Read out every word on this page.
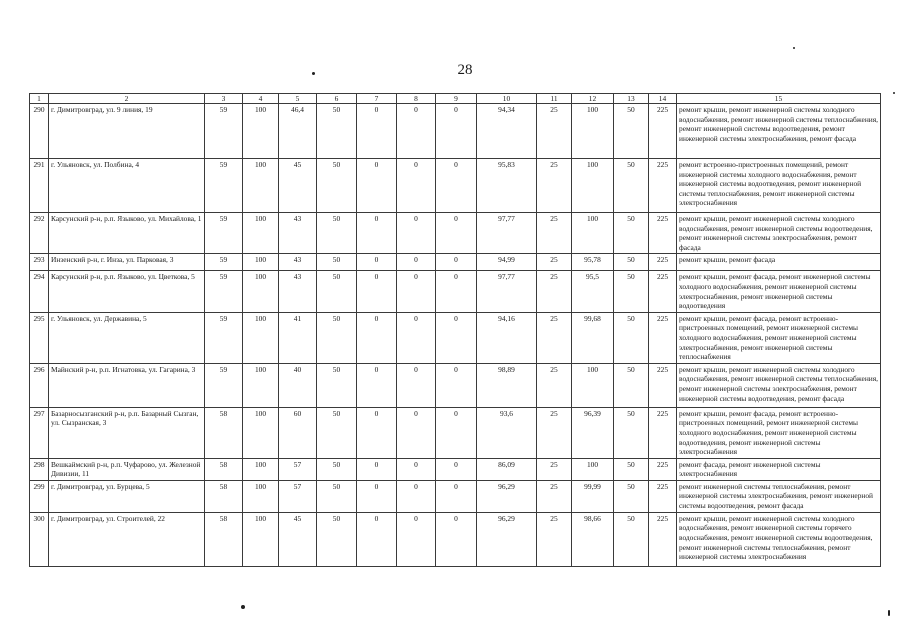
28
1	2	3	4	5	6	7	8	9	10	11	12	13	14	15
290	г. Димитровград, ул. 9 линия, 19	59	100	46,4	50	0	0	0	94,34	25	100	50	225	ремонт крыши, ремонт инженерной системы холодного водоснабжения, ремонт инженерной системы теплоснабжения, ремонт инженерной системы водоотведения, ремонт инженерной системы электроснабжения, ремонт фасада
291	г. Ульяновск, ул. Полбина, 4	59	100	45	50	0	0	0	95,83	25	100	50	225	ремонт встроенно-пристроенных помещений, ремонт инженерной системы холодного водоснабжения, ремонт инженерной системы водоотведения, ремонт инженерной системы теплоснабжения, ремонт инженерной системы электроснабжения
292	Карсунский р-н, р.п. Языково, ул. Михайлова, 1	59	100	43	50	0	0	0	97,77	25	100	50	225	ремонт крыши, ремонт инженерной системы холодного водоснабжения, ремонт инженерной системы водоотведения, ремонт инженерной системы электроснабжения, ремонт фасада
293	Инзенский р-н, г. Инза, ул. Парковая, 3	59	100	43	50	0	0	0	94,99	25	95,78	50	225	ремонт крыши, ремонт фасада
294	Карсунский р-н, р.п. Языково, ул. Цветкова, 5	59	100	43	50	0	0	0	97,77	25	95,5	50	225	ремонт крыши, ремонт фасада, ремонт инженерной системы холодного водоснабжения, ремонт инженерной системы электроснабжения, ремонт инженерной системы водоотведения
295	г. Ульяновск, ул. Державина, 5	59	100	41	50	0	0	0	94,16	25	99,68	50	225	ремонт крыши, ремонт фасада, ремонт встроенно-пристроенных помещений, ремонт инженерной системы холодного водоснабжения, ремонт инженерной системы электроснабжения, ремонт инженерной системы теплоснабжения
296	Майнский р-н, р.п. Игнатовка, ул. Гагарина, 3	59	100	40	50	0	0	0	98,89	25	100	50	225	ремонт крыши, ремонт инженерной системы холодного водоснабжения, ремонт инженерной системы теплоснабжения, ремонт инженерной системы электроснабжения, ремонт инженерной системы водоотведения, ремонт фасада
297	Базарносызганский р-н, р.п. Базарный Сызган, ул. Сызранская, 3	58	100	60	50	0	0	0	93,6	25	96,39	50	225	ремонт крыши, ремонт фасада, ремонт встроенно-пристроенных помещений, ремонт инженерной системы холодного водоснабжения, ремонт инженерной системы водоотведения, ремонт инженерной системы электроснабжения
298	Вешкаймский р-н, р.п. Чуфарово, ул. Железной Дивизии, 11	58	100	57	50	0	0	0	86,09	25	100	50	225	ремонт фасада, ремонт инженерной системы электроснабжения
299	г. Димитровград, ул. Бурцева, 5	58	100	57	50	0	0	0	96,29	25	99,99	50	225	ремонт инженерной системы теплоснабжения, ремонт инженерной системы электроснабжения, ремонт инженерной системы водоотведения, ремонт фасада
300	г. Димитровград, ул. Строителей, 22	58	100	45	50	0	0	0	96,29	25	98,66	50	225	ремонт крыши, ремонт инженерной системы холодного водоснабжения, ремонт инженерной системы горячего водоснабжения, ремонт инженерной системы водоотведения, ремонт инженерной системы теплоснабжения, ремонт инженерной системы электроснабжения
